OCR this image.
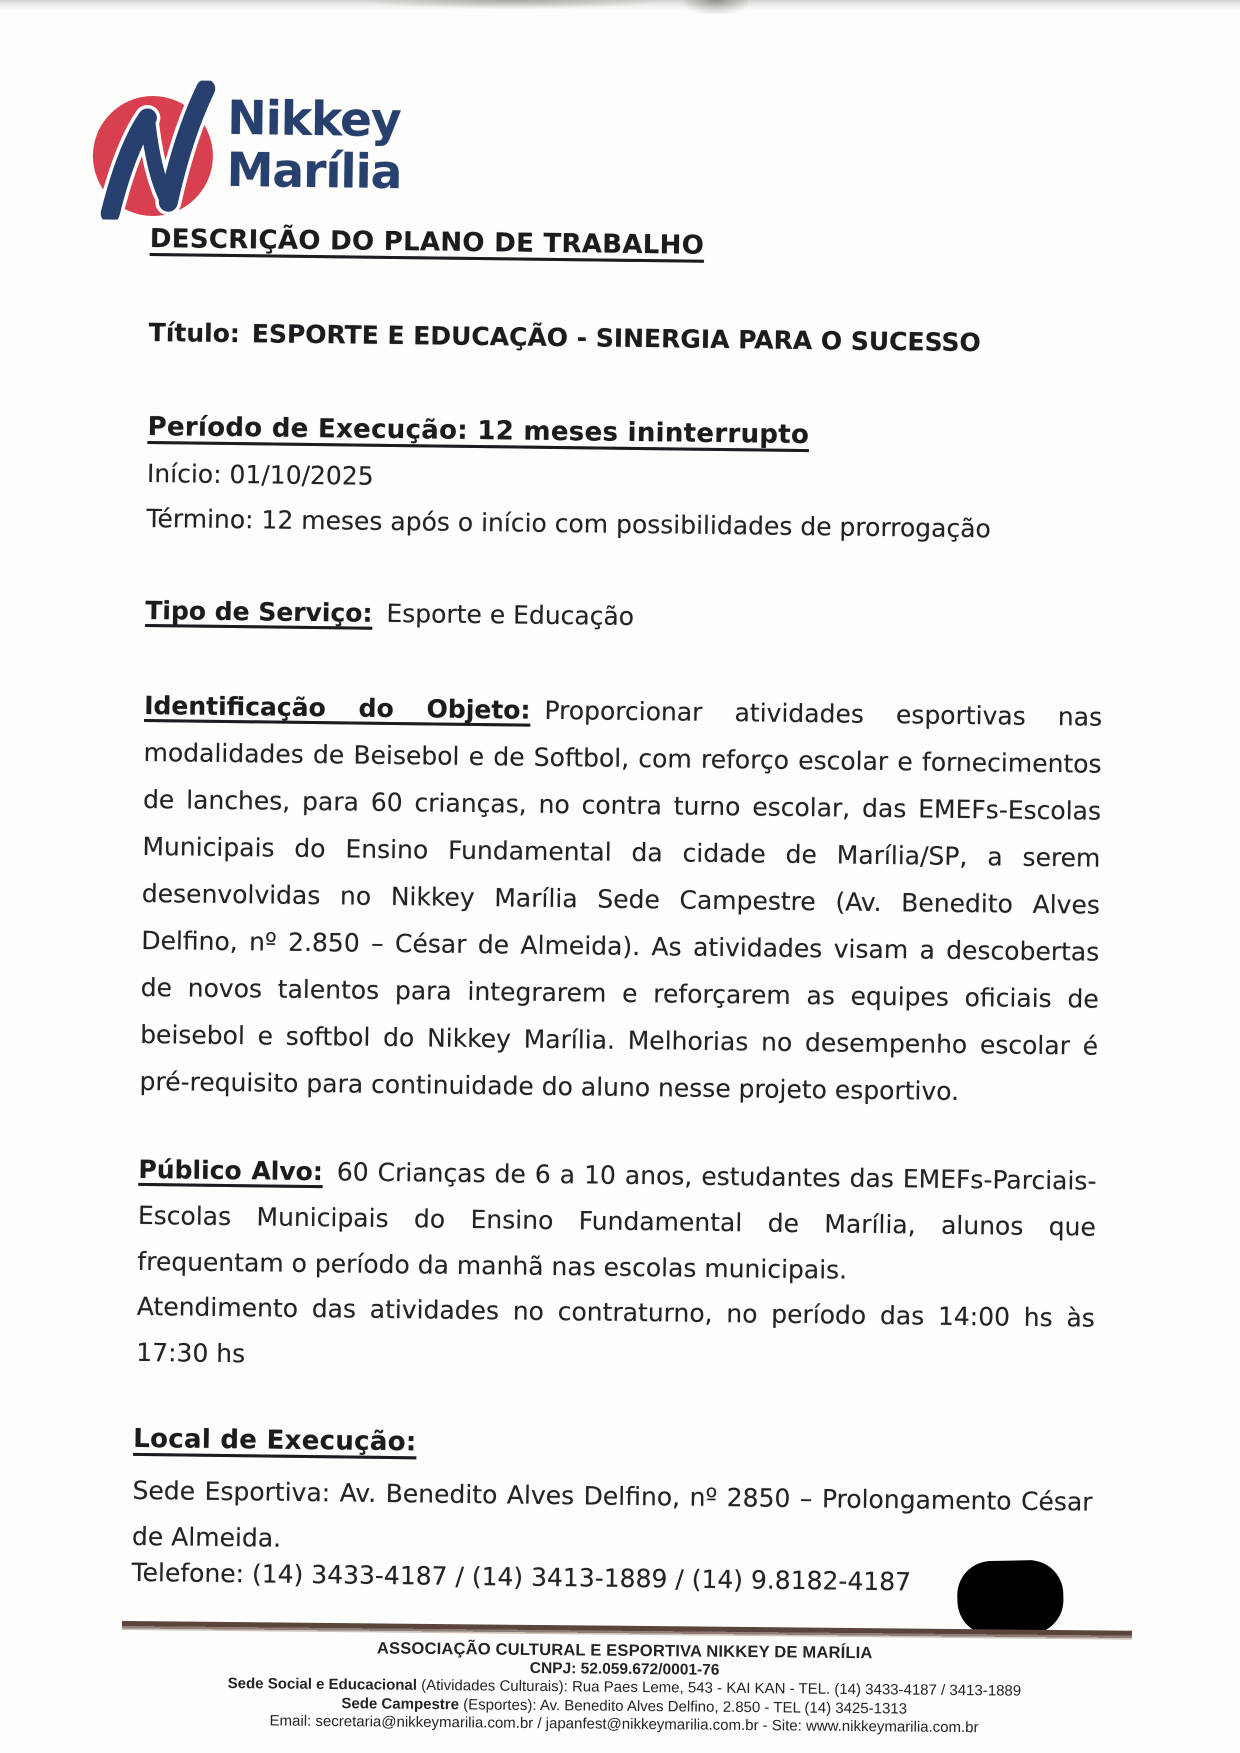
Nikkey
Marília
DESCRIÇÃO DO PLANO DE TRABALHO
Título: ESPORTE E EDUCAÇÃO - SINERGIA PARA O SUCESSO
Período de Execução: 12 meses ininterrupto
Início: 01/10/2025
Término: 12 meses após o início com possibilidades de prorrogação
Tipo de Serviço: Esporte e Educação
Identificação do Objeto: Proporcionar atividades esportivas nas modalidades de Beisebol e de Softbol, com reforço escolar e fornecimentos de lanches, para 60 crianças, no contra turno escolar, das EMEFs-Escolas Municipais do Ensino Fundamental da cidade de Marília/SP, a serem desenvolvidas no Nikkey Marília Sede Campestre (Av. Benedito Alves Delfino, nº 2.850 – César de Almeida). As atividades visam a descobertas de novos talentos para integrarem e reforçarem as equipes oficiais de beisebol e softbol do Nikkey Marília. Melhorias no desempenho escolar é pré-requisito para continuidade do aluno nesse projeto esportivo.
Público Alvo: 60 Crianças de 6 a 10 anos, estudantes das EMEFs-Parciais-Escolas Municipais do Ensino Fundamental de Marília, alunos que frequentam o período da manhã nas escolas municipais.
Atendimento das atividades no contraturno, no período das 14:00 hs às 17:30 hs
Local de Execução:
Sede Esportiva: Av. Benedito Alves Delfino, nº 2850 – Prolongamento César de Almeida.
Telefone: (14) 3433-4187 / (14) 3413-1889 / (14) 9.8182-4187
ASSOCIAÇÃO CULTURAL E ESPORTIVA NIKKEY DE MARÍLIA
CNPJ: 52.059.672/0001-76
Sede Social e Educacional (Atividades Culturais): Rua Paes Leme, 543 - KAI KAN - TEL. (14) 3433-4187 / 3413-1889
Sede Campestre (Esportes): Av. Benedito Alves Delfino, 2.850 - TEL (14) 3425-1313
Email: secretaria@nikkeymarilia.com.br / japanfest@nikkeymarilia.com.br - Site: www.nikkeymarilia.com.br
